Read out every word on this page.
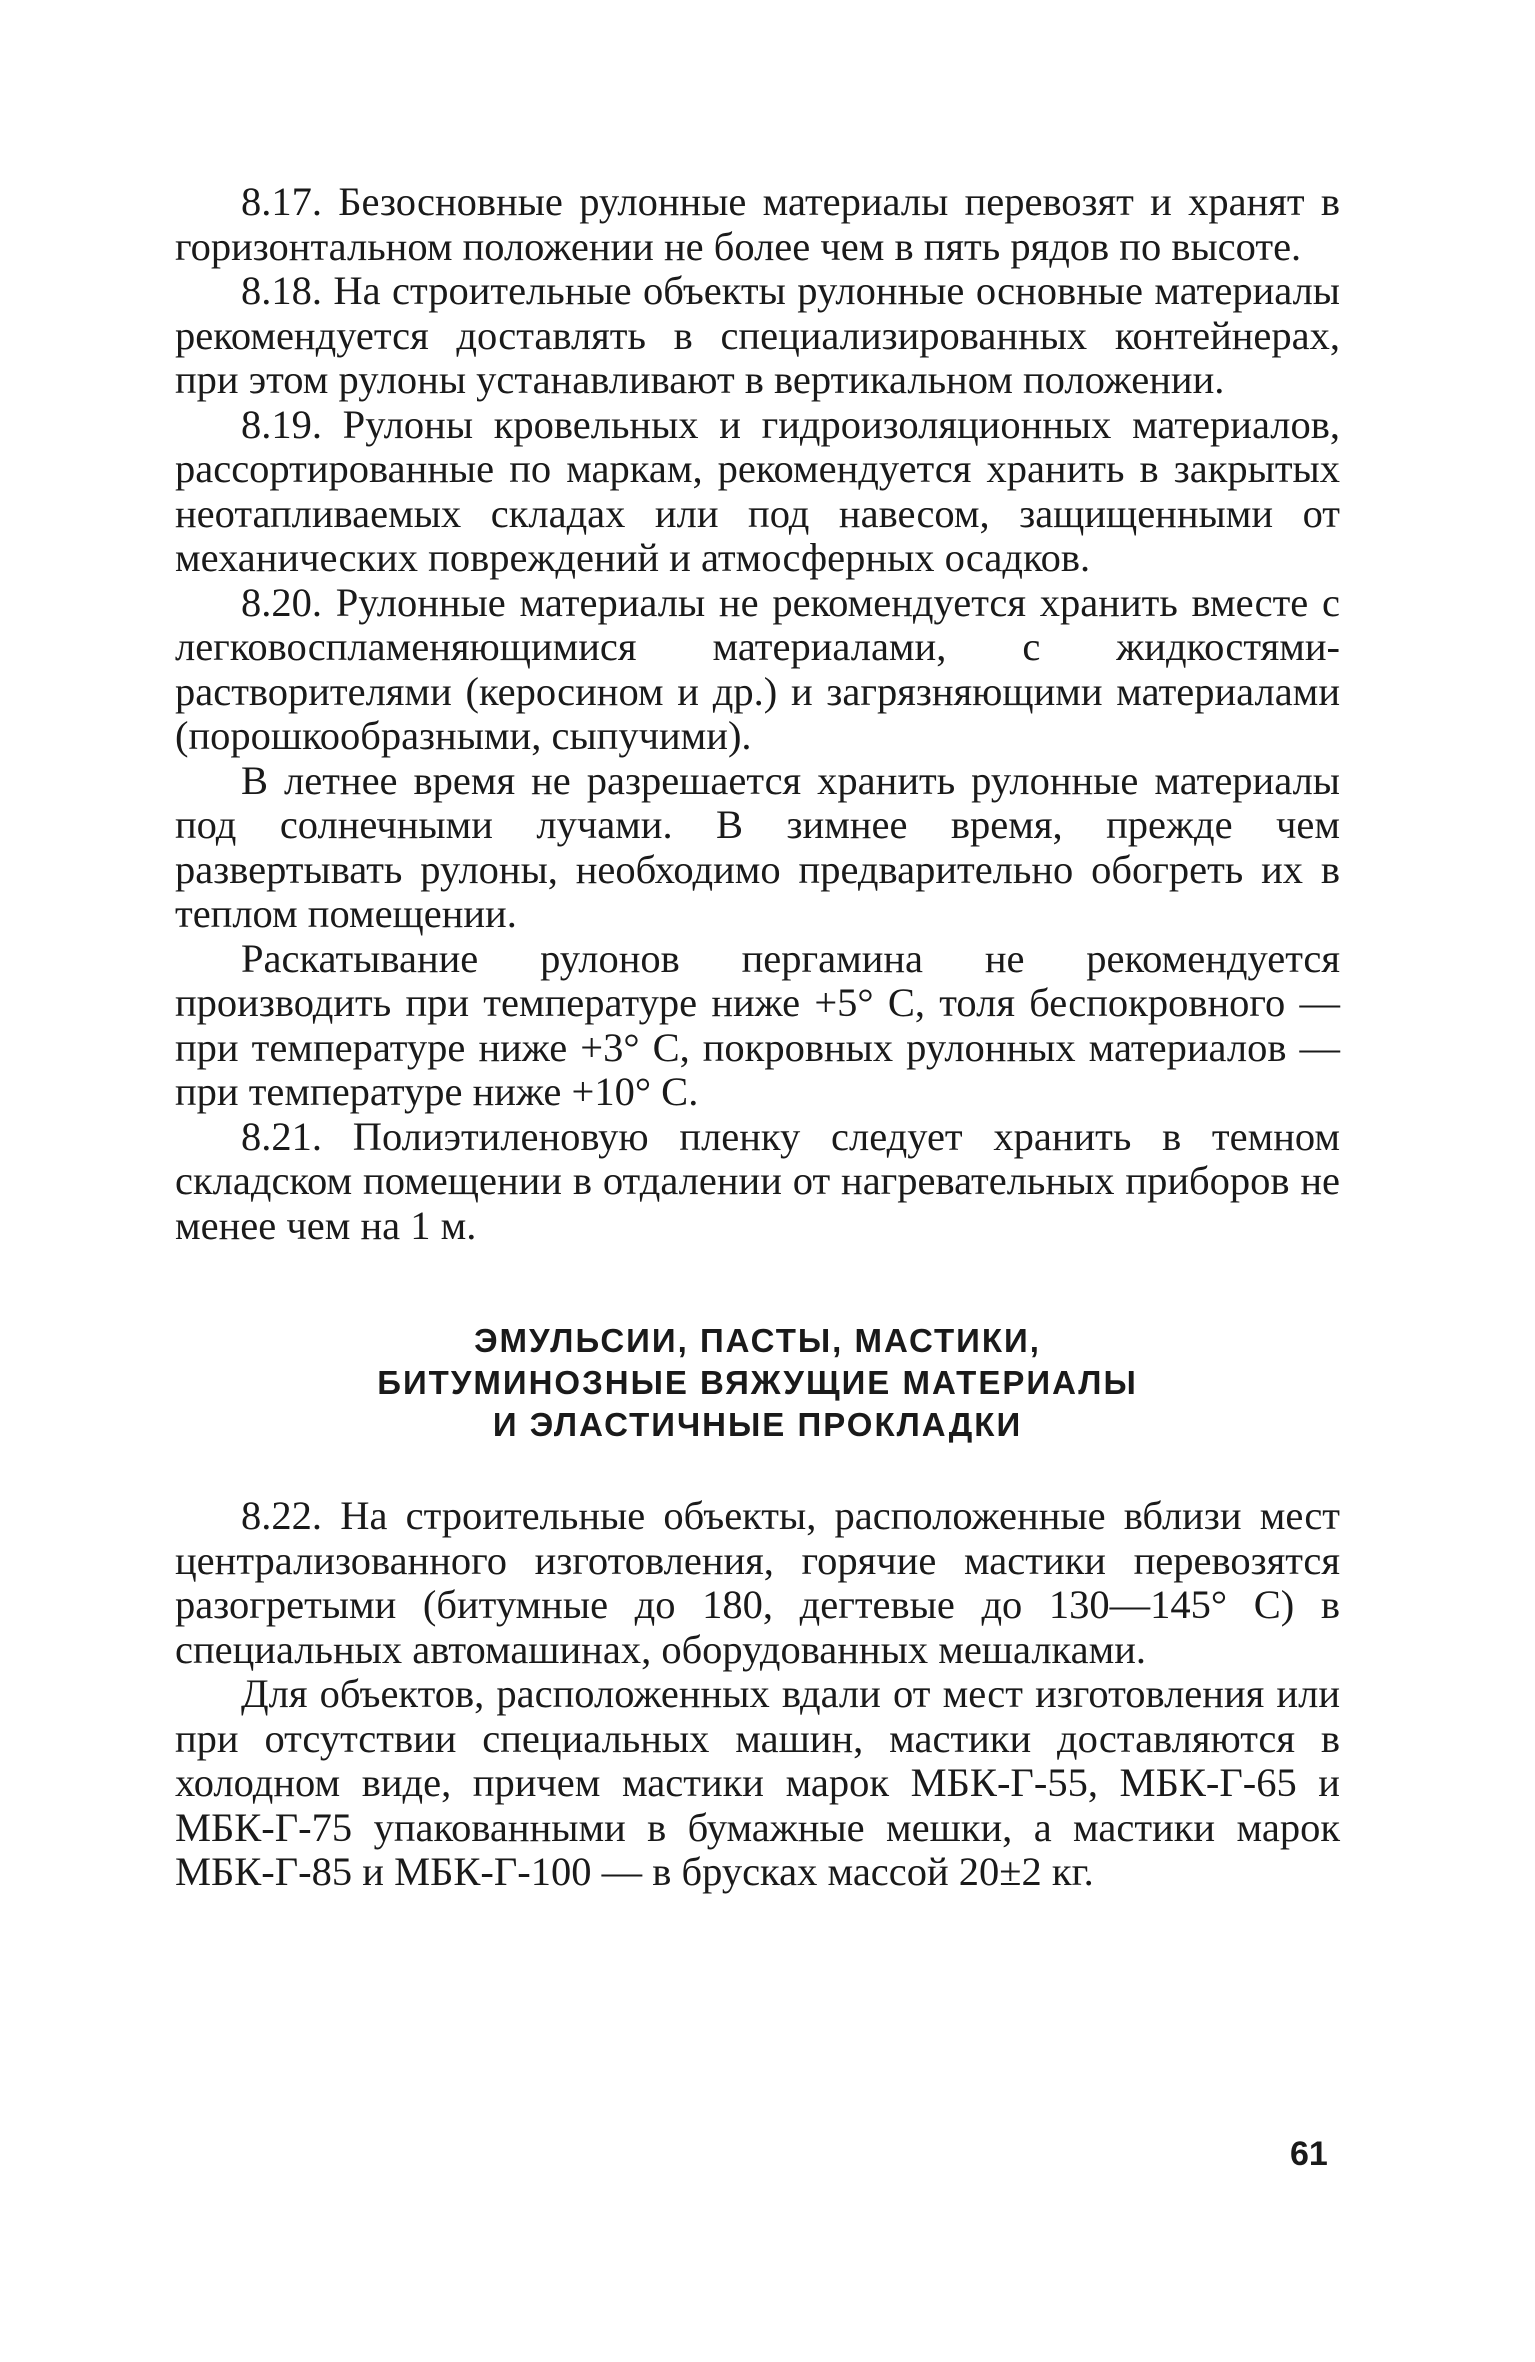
8.17. Безосновные рулонные материалы перевозят и хранят в горизонтальном положении не более чем в пять рядов по высоте.

8.18. На строительные объекты рулонные основные материалы рекомендуется доставлять в специализированных контейнерах, при этом рулоны устанавливают в вертикальном положении.

8.19. Рулоны кровельных и гидроизоляционных материалов, рассортированные по маркам, рекомендуется хранить в закрытых неотапливаемых складах или под навесом, защищенными от механических повреждений и атмосферных осадков.

8.20. Рулонные материалы не рекомендуется хранить вместе с легковоспламеняющимися материалами, с жидкостями-растворителями (керосином и др.) и загрязняющими материалами (порошкообразными, сыпучими).

В летнее время не разрешается хранить рулонные материалы под солнечными лучами. В зимнее время, прежде чем развертывать рулоны, необходимо предварительно обогреть их в теплом помещении.

Раскатывание рулонов пергамина не рекомендуется производить при температуре ниже +5° С, толя беспокровного — при температуре ниже +3° С, покровных рулонных материалов — при температуре ниже +10° С.

8.21. Полиэтиленовую пленку следует хранить в темном складском помещении в отдалении от нагревательных приборов не менее чем на 1 м.

ЭМУЛЬСИИ, ПАСТЫ, МАСТИКИ,
БИТУМИНОЗНЫЕ ВЯЖУЩИЕ МАТЕРИАЛЫ
И ЭЛАСТИЧНЫЕ ПРОКЛАДКИ

8.22. На строительные объекты, расположенные вблизи мест централизованного изготовления, горячие мастики перевозятся разогретыми (битумные до 180, дегтевые до 130—145° С) в специальных автомашинах, оборудованных мешалками.

Для объектов, расположенных вдали от мест изготовления или при отсутствии специальных машин, мастики доставляются в холодном виде, причем мастики марок МБК-Г-55, МБК-Г-65 и МБК-Г-75 упакованными в бумажные мешки, а мастики марок МБК-Г-85 и МБК-Г-100 — в брусках массой 20±2 кг.

61
